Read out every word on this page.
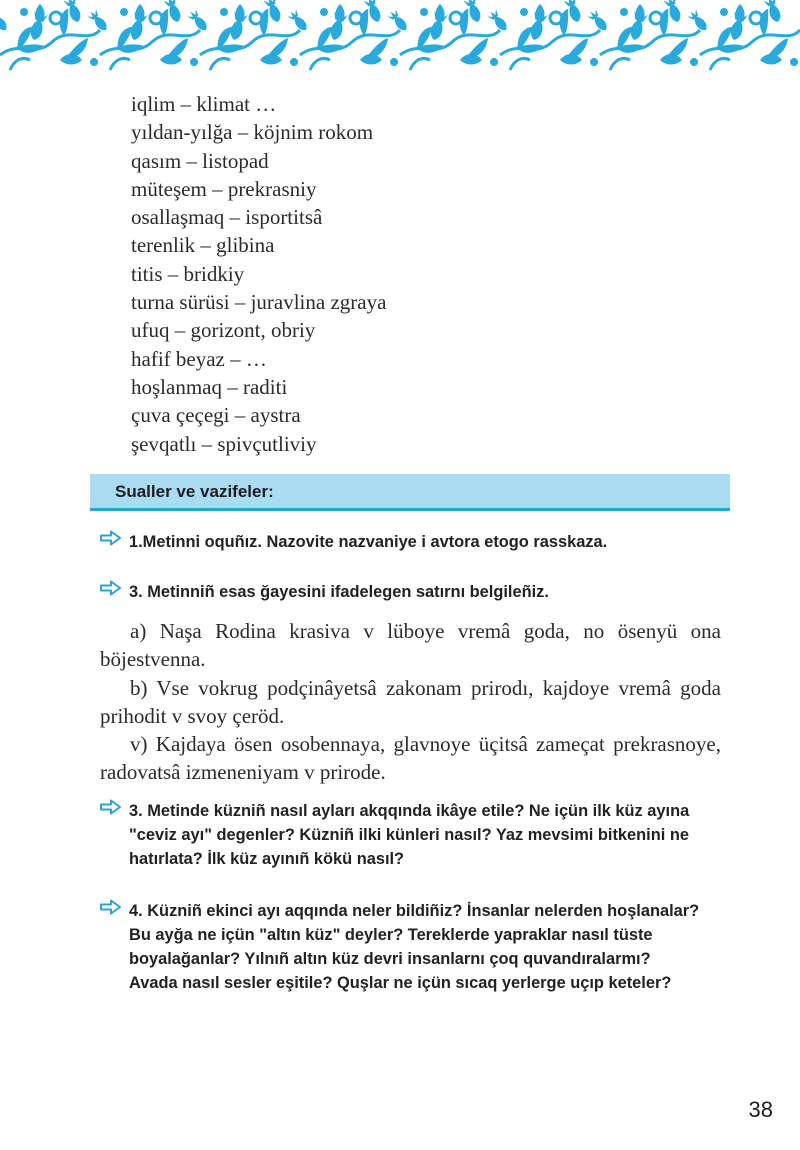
iqlim – klimat …
yıldan-yılğa – köjnim rokom
qasım – listopad
müteşem – prekrasniy
osallaşmaq – isportitsâ
terenlik – glibina
titis – bridkiy
turna sürüsi – juravlina zgraya
ufuq – gorizont, obriy
hafif beyaz – …
hoşlanmaq – raditi
çuva çeçegi – aystra
şevqatlı – spivçutliviy
Sualler ve vazifeler:
1.Metinni oquñız. Nazovite nazvaniye i avtora etogo rasskaza.
3. Metinniñ esas ğayesini ifadelegen satırnı belgileñiz.

a) Naşa Rodina krasiva v lüboye vremâ goda, no ösenyü ona böjestvenna.

b) Vse vokrug podçinâyetsâ zakonam prirodı, kajdoye vremâ goda prihodit v svoy çeröd.

v) Kajdaya ösen osobennaya, glavnoye üçitsâ zameçat prekrasnoye, radovatsâ izmeneniyam v prirode.

3. Metinde küzniñ nasıl ayları akqqında ikâye etile? Ne içün ilk küz ayına "ceviz ayı" degenler? Küzniñ ilki künleri nasıl? Yaz mevsimi bitkenini ne hatırlata? İlk küz ayınıñ kökü nasıl?
4. Küzniñ ekinci ayı aqqında neler bildiñiz? İnsanlar nelerden hoşlanalar? Bu ayğa ne içün "altın küz" deyler? Tereklerde yapraklar nasıl tüste boyalağanlar? Yılnıñ altın küz devri insanlarnı çoq quvandıralarmı? Avada nasıl sesler eşitile? Quşlar ne içün sıcaq yerlerge uçıp keteler?
38
